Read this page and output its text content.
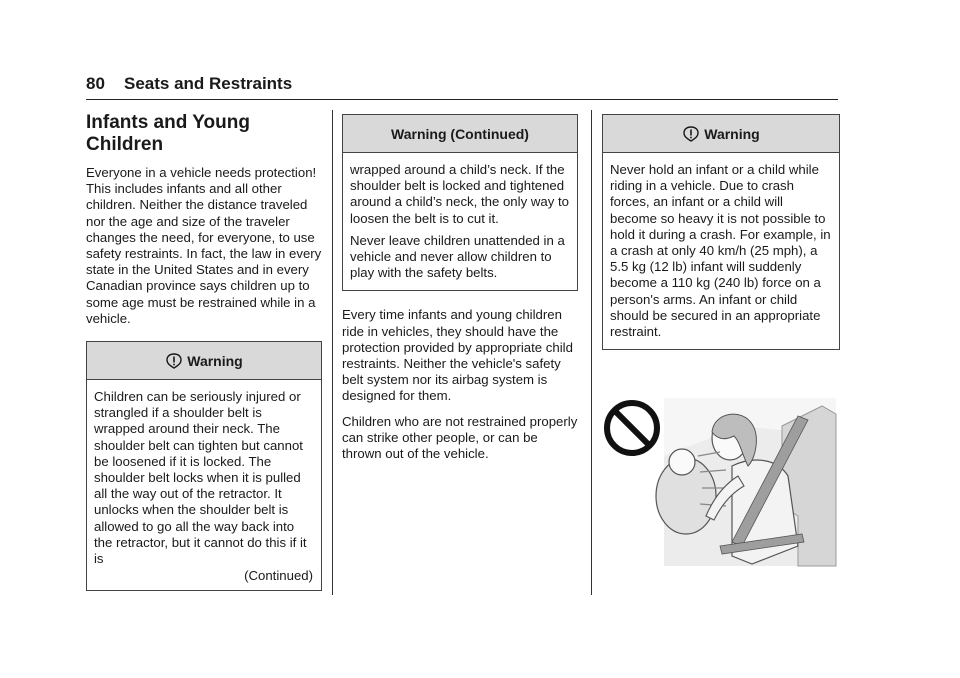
80 Seats and Restraints
Infants and Young Children

Everyone in a vehicle needs protection! This includes infants and all other children. Neither the distance traveled nor the age and size of the traveler changes the need, for everyone, to use safety restraints. In fact, the law in every state in the United States and in every Canadian province says children up to some age must be restrained while in a vehicle.

Warning

Children can be seriously injured or strangled if a shoulder belt is wrapped around their neck. The shoulder belt can tighten but cannot be loosened if it is locked. The shoulder belt locks when it is pulled all the way out of the retractor. It unlocks when the shoulder belt is allowed to go all the way back into the retractor, but it cannot do this if it is

(Continued)
Warning (Continued)

wrapped around a child’s neck. If the shoulder belt is locked and tightened around a child’s neck, the only way to loosen the belt is to cut it.

Never leave children unattended in a vehicle and never allow children to play with the safety belts.

Every time infants and young children ride in vehicles, they should have the protection provided by appropriate child restraints. Neither the vehicle's safety belt system nor its airbag system is designed for them.

Children who are not restrained properly can strike other people, or can be thrown out of the vehicle.

Warning

Never hold an infant or a child while riding in a vehicle. Due to crash forces, an infant or a child will become so heavy it is not possible to hold it during a crash. For example, in a crash at only 40 km/h (25 mph), a 5.5 kg (12 lb) infant will suddenly become a 110 kg (240 lb) force on a person's arms. An infant or child should be secured in an appropriate restraint.
